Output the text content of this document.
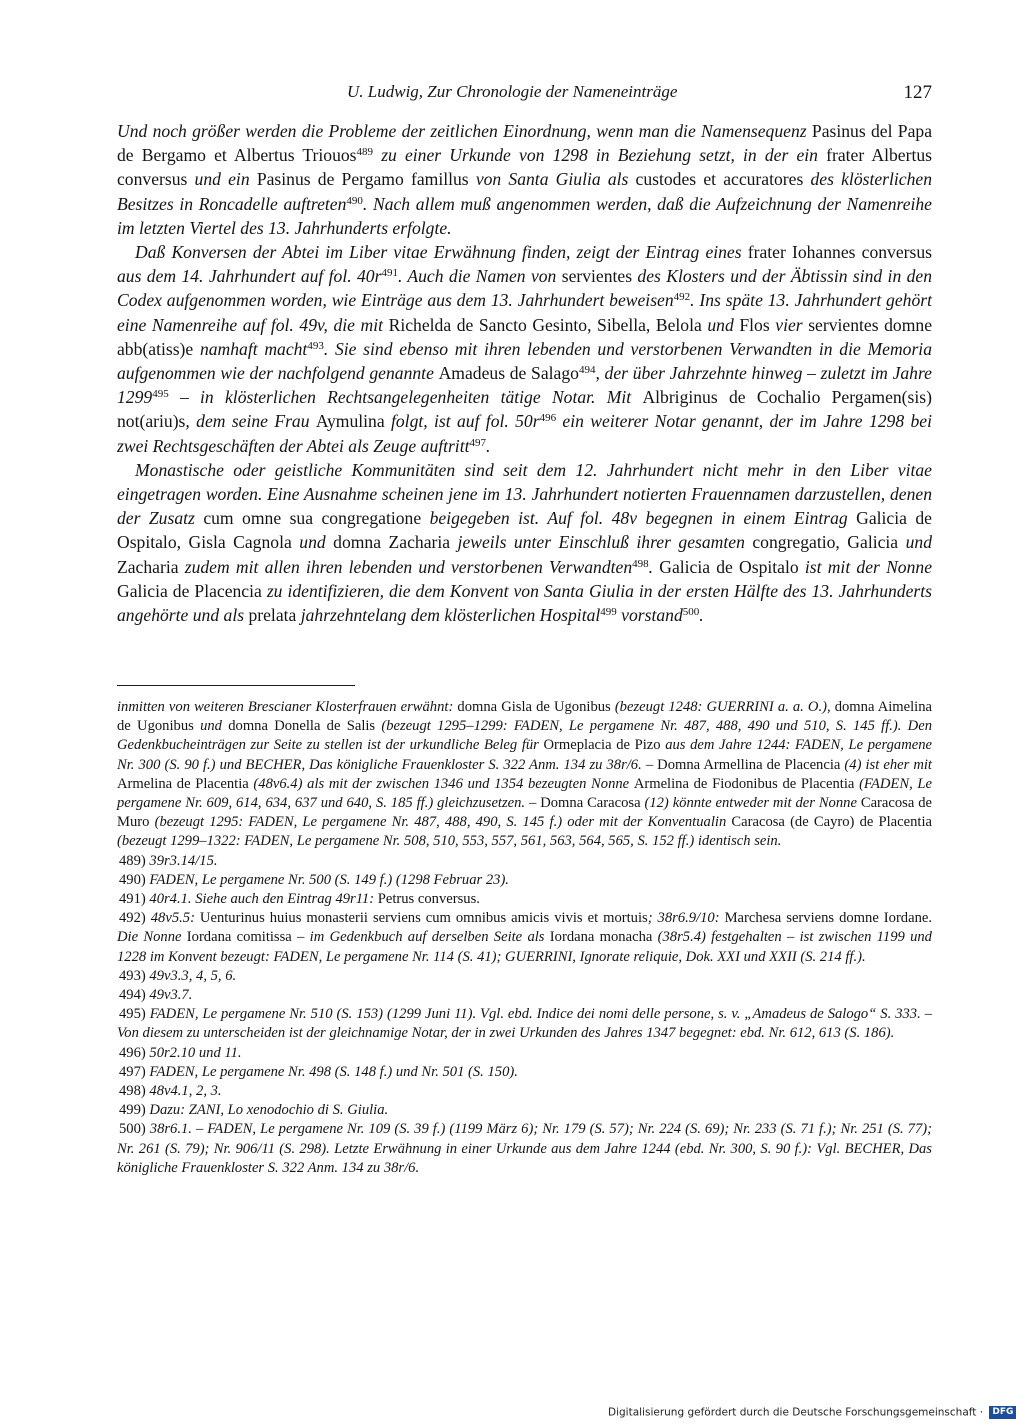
U. Ludwig, Zur Chronologie der Nameneinträge	127

Und noch größer werden die Probleme der zeitlichen Einordnung, wenn man die Namensequenz Pasinus del Papa de Bergamo et Albertus Triouos$^{489}$ zu einer Urkunde von 1298 in Beziehung setzt, in der ein frater Albertus conversus und ein Pasinus de Pergamo famillus von Santa Giulia als custodes et accuratores des klösterlichen Besitzes in Roncadelle auftreten$^{490}$. Nach allem muß angenommen werden, daß die Aufzeichnung der Namenreihe im letzten Viertel des 13. Jahrhunderts erfolgte.

Daß Konversen der Abtei im Liber vitae Erwähnung finden, zeigt der Eintrag eines frater Iohannes conversus aus dem 14. Jahrhundert auf fol. $40r^{491}$. Auch die Namen von servientes des Klosters und der Äbtissin sind in den Codex aufgenommen worden, wie Einträge aus dem 13. Jahrhundert beweisen$^{492}$. Ins späte 13. Jahrhundert gehört eine Namenreihe auf fol. 49v, die mit Richelda de Sancto Gesinto, Sibella, Belola und Flos vier servientes domne abb(atiss)e namhaft macht$^{493}$. Sie sind ebenso mit ihren lebenden und verstorbenen Verwandten in die Memoria aufgenommen wie der nachfolgend genannte Amadeus de Salago$^{494}$, der über Jahrzehnte hinweg – zuletzt im Jahre 1299$^{495}$ – in klösterlichen Rechtsangelegenheiten tätige Notar. Mit Albriginus de Cochalio Pergamen(sis) not(ariu)s, dem seine Frau Aymulina folgt, ist auf fol. $50r^{496}$ ein weiterer Notar genannt, der im Jahre 1298 bei zwei Rechtsgeschäften der Abtei als Zeuge auftritt$^{497}$.

Monastische oder geistliche Kommunitäten sind seit dem 12. Jahrhundert nicht mehr in den Liber vitae eingetragen worden. Eine Ausnahme scheinen jene im 13. Jahrhundert notierten Frauennamen darzustellen, denen der Zusatz cum omne sua congregatione beigegeben ist. Auf fol. 48v begegnen in einem Eintrag Galicia de Ospitalo, Gisla Cagnola und domna Zacharia jeweils unter Einschluß ihrer gesamten congregatio, Galicia und Zacharia zudem mit allen ihren lebenden und verstorbenen Verwandten$^{498}$. Galicia de Ospitalo ist mit der Nonne Galicia de Placencia zu identifizieren, die dem Konvent von Santa Giulia in der ersten Hälfte des 13. Jahrhunderts angehörte und als prelata jahrzehntelang dem klösterlichen Hospital$^{499}$ vorstand$^{500}$.

inmitten von weiteren Brescianer Klosterfrauen erwähnt: domna Gisla de Ugonibus (bezeugt 1248: GUERRINI a. a. O.), domna Aimelina de Ugonibus und domna Donella de Salis (bezeugt 1295–1299: FADEN, Le pergamene Nr. 487, 488, 490 und 510, S. 145 ff.). Den Gedenkbucheinträgen zur Seite zu stellen ist der urkundliche Beleg für Ormeplacia de Pizo aus dem Jahre 1244: FADEN, Le pergamene Nr. 300 (S. 90 f.) und BECHER, Das königliche Frauenkloster S. 322 Anm. 134 zu 38r/6. – Domna Armellina de Placencia (4) ist eher mit Armelina de Placentia (48v6.4) als mit der zwischen 1346 und 1354 bezeugten Nonne Armelina de Fiodonibus de Placentia (FADEN, Le pergamene Nr. 609, 614, 634, 637 und 640, S. 185 ff.) gleichzusetzen. – Domna Caracosa (12) könnte entweder mit der Nonne Caracosa de Muro (bezeugt 1295: FADEN, Le pergamene Nr. 487, 488, 490, S. 145 f.) oder mit der Konventualin Caracosa (de Cayro) de Placentia (bezeugt 1299–1322: FADEN, Le pergamene Nr. 508, 510, 553, 557, 561, 563, 564, 565, S. 152 ff.) identisch sein.

489) 39r3.14/15.

490) FADEN, Le pergamene Nr. 500 (S. 149 f.) (1298 Februar 23).

491) 40r4.1. Siehe auch den Eintrag 49r11: Petrus conversus.

492) 48v5.5: Uenturinus huius monasterii serviens cum omnibus amicis vivis et mortuis; 38r6.9/10: Marchesa serviens domne Iordane. Die Nonne Iordana comitissa – im Gedenkbuch auf derselben Seite als Iordana monacha (38r5.4) festgehalten – ist zwischen 1199 und 1228 im Konvent bezeugt: FADEN, Le pergamene Nr. 114 (S. 41); GUERRINI, Ignorate reliquie, Dok. XXI und XXII (S. 214 ff.).

493) 49v3.3, 4, 5, 6.

494) 49v3.7.

495) FADEN, Le pergamene Nr. 510 (S. 153) (1299 Juni 11). Vgl. ebd. Indice dei nomi delle persone, s. v. „Amadeus de Salogo“ S. 333. – Von diesem zu unterscheiden ist der gleichnamige Notar, der in zwei Urkunden des Jahres 1347 begegnet: ebd. Nr. 612, 613 (S. 186).

496) 50r2.10 und 11.

497) FADEN, Le pergamene Nr. 498 (S. 148 f.) und Nr. 501 (S. 150).

498) 48v4.1, 2, 3.

499) Dazu: ZANI, Lo xenodochio di S. Giulia.

500) 38r6.1. – FADEN, Le pergamene Nr. 109 (S. 39 f.) (1199 März 6); Nr. 179 (S. 57); Nr. 224 (S. 69); Nr. 233 (S. 71 f.); Nr. 251 (S. 77); Nr. 261 (S. 79); Nr. 906/11 (S. 298). Letzte Erwähnung in einer Urkunde aus dem Jahre 1244 (ebd. Nr. 300, S. 90 f.): Vgl. BECHER, Das königliche Frauenkloster S. 322 Anm. 134 zu 38r/6.

Digitalisierung gefördert durch die Deutsche Forschungsgemeinschaft · DFG
